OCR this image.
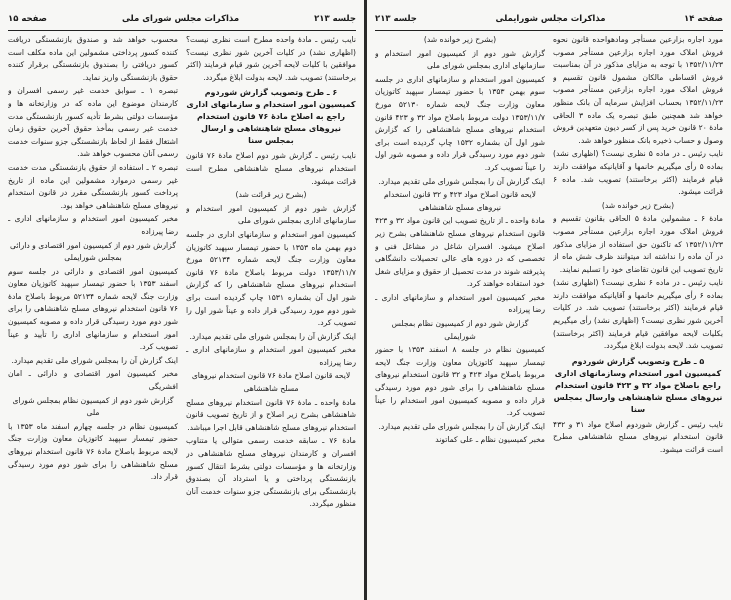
جلسه ۲۱۳
مذاکرات مجلس شورای ملی
صفحه ۱۵

نایب رئیس ـ مادهٔ واحده مطرح است نظری نیست؟ (اظهاری نشد) در کلیات آخرین شور نظری نیست؟ موافقین با کلیات لایحه آخرین شور قیام فرمایند (اکثر برخاستند) تصویب شد. لایحه بدولت ابلاغ میگردد.

۶ ـ طرح وتصویب گزارش شوردوم کمیسیون امور استخدام و سازمانهای اداری راجع به اصلاح مادهٔ ۷۶ قانون استخدام نیروهای مسلح شاهنشاهی و ارسال بمجلس سنا

نایب رئیس ـ گزارش شور دوم اصلاح مادهٔ ۷۶ قانون استخدام نیروهای مسلح شاهنشاهی مطرح است قرائت میشود.

(بشرح زیر قرائت شد)

گزارش شور دوم از کمیسیون امور استخدام و سازمانهای اداری بمجلس شورای ملی

کمیسیون امور استخدام و سازمانهای اداری در جلسه دوم بهمن ماه ۱۳۵۳ با حضور تیمسار سپهبد کاتوزیان معاون وزارت جنگ لایحه شماره ۵۲۱۳۴ مورخ ۱۳۵۳/۱۱/۷ دولت مربوط باصلاح مادهٔ ۷۶ قانون استخدام نیروهای مسلح شاهنشاهی را که گزارش شور اول آن بشماره ۱۵۳۱ چاپ گردیده است برای شور دوم مورد رسیدگی قرار داده و عیناً شور اول را تصویب کرد.

اینک گزارش آن را بمجلس شورای ملی تقدیم میدارد.

مخبر کمیسیون امور استخدام و سازمانهای اداری ـ رضا پیرزاده

لایحه قانون اصلاح مادهٔ ۷۶ قانون استخدام نیروهای مسلح شاهنشاهی

مادهٔ واحده ـ مادهٔ ۷۶ قانون استخدام نیروهای مسلح شاهنشاهی بشرح زیر اصلاح و از تاریخ تصویب قانون استخدام نیروهای مسلح شاهنشاهی قابل اجرا میباشد.

مادهٔ ۷۶ ـ سابقه خدمت رسمی متوالی یا متناوب افسران و کارمندان نیروهای مسلح شاهنشاهی در وزارتخانه ها و مؤسسات دولتی بشرط انتقال کسور بازنشستگی پرداختی و یا استرداد آن بصندوق بازنشستگی برای بازنشستگی جزو سنوات خدمت آنان منظور میگردد.

محسوب خواهد شد و صندوق بازنشستگی دریافت کننده کسور پرداختی مشمولین این ماده مکلف است کسور دریافتی را بصندوق بازنشستگی برقرار کننده حقوق بازنشستگی واریز نماید.

تبصره ۱ ـ سوابق خدمت غیر رسمی افسران و کارمندان موضوع این ماده که در وزارتخانه ها و مؤسسات دولتی بشرط تأدیه کسور بازنشستگی مدت خدمت غیر رسمی بمأخذ حقوق آخرین حقوق زمان اشتغال فقط از لحاظ بازنشستگی جزو سنوات خدمت رسمی آنان محسوب خواهد شد.

تبصره ۲ ـ استفاده از حقوق بازنشستگی مدت خدمت غیر رسمی درموارد مشمولین این ماده از تاریخ پرداخت کسور بازنشستگی مقرر در قانون استخدام نیروهای مسلح شاهنشاهی خواهد بود.

مخبر کمیسیون امور استخدام و سازمانهای اداری ـ رضا پیرزاده

گزارش شور دوم از کمیسیون امور اقتصادی و دارائی بمجلس شورایملی

کمیسیون امور اقتصادی و دارائی در جلسه سوم اسفند ۱۳۵۳ با حضور تیمسار سپهبد کاتوزیان معاون وزارت جنگ لایحه شماره ۵۲۱۳۴ مربوط باصلاح مادهٔ ۷۶ قانون استخدام نیروهای مسلح شاهنشاهی را برای شور دوم مورد رسیدگی قرار داده و مصوبه کمیسیون امور استخدام و سازمانهای اداری را تأیید و عیناً تصویب کرد.

اینک گزارش آن را بمجلس شورای ملی تقدیم میدارد.

مخبر کمیسیون امور اقتصادی و دارائی ـ امان افشریگی

گزارش شور دوم از کمیسیون نظام بمجلس شورای ملی

کمیسیون نظام در جلسه چهارم اسفند ماه ۱۳۵۳ با حضور تیمسار سپهبد کاتوزیان معاون وزارت جنگ لایحه مربوط باصلاح مادهٔ ۷۶ قانون استخدام نیروهای مسلح شاهنشاهی را برای شور دوم مورد رسیدگی قرار داد.

صفحه ۱۴
مذاکرات مجلس شورایملی
جلسه ۲۱۳

مورد اجاره بزارعین مستأجر ومادهواحده قانون نحوه فروش املاک مورد اجاره بزارعین مستأجر مصوب ۱۳۵۲/۱۱/۲۳ با توجه به مزایای مذکور در آن بمناسبت فروش اقساطی مالکان مشمول قانون تقسیم و فروش املاک مورد اجاره بزارعین مستأجر مصوب ۱۳۵۲/۱۱/۲۳ بحساب افزایش سرمایه آن بانک منظور خواهد شد همچنین طبق تبصره یک ماده ۳ الحاقی مادهٔ ۲۰ قانون خرید پس از کسر دیون متعهدین فروش وصول و حساب ذخیره بانک منظور خواهد شد.

نایب رئیس ـ در ماده ۵ نظری نیست؟ (اظهاری نشد) بماده ۵ رأی میگیریم خانمها و آقایانیکه موافقت دارند قیام فرمایند (اکثر برخاستند) تصویب شد. ماده ۶ قرائت میشود.

(بشرح زیر خوانده شد)

مادهٔ ۶ ـ مشمولین مادهٔ ۵ الحاقی بقانون تقسیم و فروش املاک مورد اجاره بزارعین مستأجر مصوب ۱۳۵۲/۱۱/۲۳ که تاکنون حق استفاده از مزایای مذکور در آن ماده را نداشته اند میتوانند ظرف شش ماه از تاریخ تصویب این قانون تقاضای خود را تسلیم نمایند.

نایب رئیس ـ در ماده ۶ نظری نیست؟ (اظهاری نشد) بماده ۶ رأی میگیریم خانمها و آقایانیکه موافقت دارند قیام فرمایند (اکثر برخاستند) تصویب شد. در کلیات آخرین شور نظری نیست؟ (اظهاری نشد) رأی میگیریم بکلیات لایحه موافقین قیام فرمایند (اکثر برخاستند) تصویب شد. لایحه بدولت ابلاغ میگردد.

۵ ـ طرح وتصویب گزارش شوردوم کمیسیون امور استخدام وسازمانهای اداری راجع باصلاح مواد ۳۲ و ۴۲۳ قانون استخدام نیروهای مسلح شاهنشاهی وارسال بمجلس سنا

نایب رئیس ـ گزارش شوردوم اصلاح مواد ۳۱ و ۴۳۲ قانون استخدام نیروهای مسلح شاهنشاهی مطرح است قرائت میشود.

(بشرح زیر خوانده شد)

گزارش شور دوم از کمیسیون امور استخدام و سازمانهای اداری بمجلس شورای ملی

کمیسیون امور استخدام و سازمانهای اداری در جلسه سوم بهمن ۱۳۵۳ با حضور تیمسار سپهبد کاتوزیان معاون وزارت جنگ لایحه شماره ۵۲۱۳۰ مورخ ۱۳۵۳/۱۱/۷ دولت مربوط باصلاح مواد ۳۲ و ۴۲۳ قانون استخدام نیروهای مسلح شاهنشاهی را که گزارش شور اول آن بشماره ۱۵۳۲ چاپ گردیده است برای شور دوم مورد رسیدگی قرار داده و مصوبه شور اول را عیناً تصویب کرد.

اینک گزارش آن را بمجلس شورای ملی تقدیم میدارد.

لایحه قانون اصلاح مواد ۴۲۳ و ۳۲ قانون استخدام نیروهای مسلح شاهنشاهی

مادهٔ واحده ـ از تاریخ تصویب این قانون مواد ۳۲ و ۴۲۳ قانون استخدام نیروهای مسلح شاهنشاهی بشرح زیر اصلاح میشود. افسران شاغل در مشاغل فنی و تخصصی که در دوره های عالی تحصیلات دانشگاهی پذیرفته شوند در مدت تحصیل از حقوق و مزایای شغل خود استفاده خواهند کرد.

مخبر کمیسیون امور استخدام و سازمانهای اداری ـ رضا پیرزاده

گزارش شور دوم از کمیسیون نظام بمجلس شورایملی

کمیسیون نظام در جلسه ۸ اسفند ۱۳۵۳ با حضور تیمسار سپهبد کاتوزیان معاون وزارت جنگ لایحه مربوط باصلاح مواد ۴۲۳ و ۳۲ قانون استخدام نیروهای مسلح شاهنشاهی را برای شور دوم مورد رسیدگی قرار داده و مصوبه کمیسیون امور استخدام را عیناً تصویب کرد.

اینک گزارش آن را بمجلس شورای ملی تقدیم میدارد.

مخبر کمیسیون نظام ـ علی کماتوند
